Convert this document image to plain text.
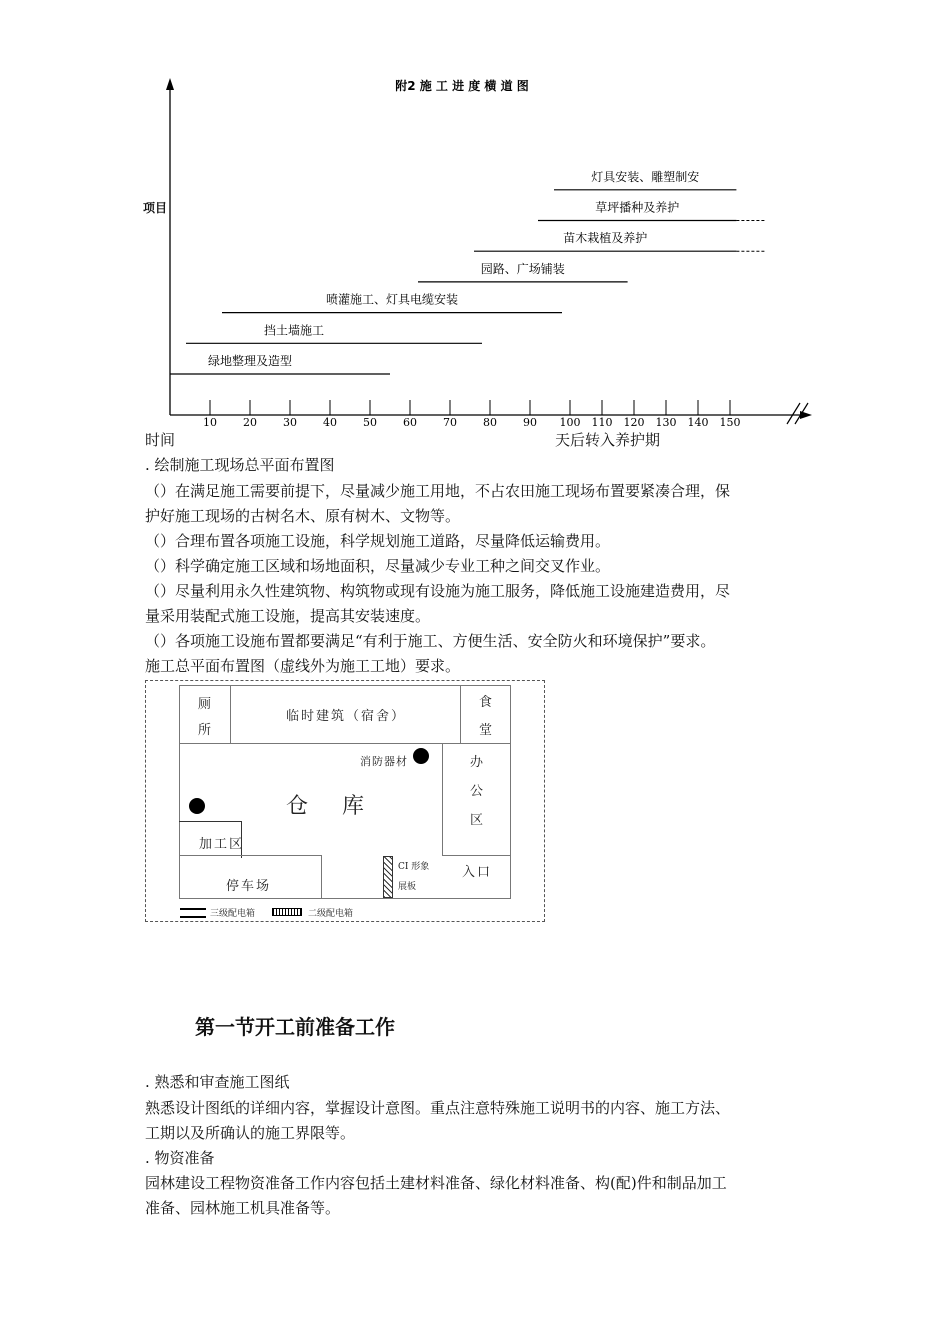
附2 施 工 进 度 横 道 图
10 20 30 40 50 60 70 80 90 100 110 120 130 140 150
绿地整理及造型
挡土墙施工
喷灌施工、灯具电缆安装
园路、广场铺装
苗木栽植及养护
草坪播种及养护
灯具安装、雕塑制安
项目
时间	天后转入养护期
. 绘制施工现场总平面布置图
（）在满足施工需要前提下，尽量减少施工用地，不占农田施工现场布置要紧凑合理，保
护好施工现场的古树名木、原有树木、文物等。
（）合理布置各项施工设施，科学规划施工道路，尽量降低运输费用。
（）科学确定施工区域和场地面积，尽量减少专业工种之间交叉作业。
（）尽量利用永久性建筑物、构筑物或现有设施为施工服务，降低施工设施建造费用，尽
量采用装配式施工设施，提高其安装速度。
（）各项施工设施布置都要满足“有利于施工、方便生活、安全防火和环境保护”要求。
施工总平面布置图（虚线外为施工工地）要求。
厕
所
临时建筑（宿舍）
食
堂
办
公
区
消防器材
仓　库
加工区
停车场
CI 形象
展板
入口
三级配电箱	二级配电箱
第一节开工前准备工作
. 熟悉和审查施工图纸
熟悉设计图纸的详细内容，掌握设计意图。重点注意特殊施工说明书的内容、施工方法、
工期以及所确认的施工界限等。
. 物资准备
园林建设工程物资准备工作内容包括土建材料准备、绿化材料准备、构(配)件和制品加工
准备、园林施工机具准备等。
